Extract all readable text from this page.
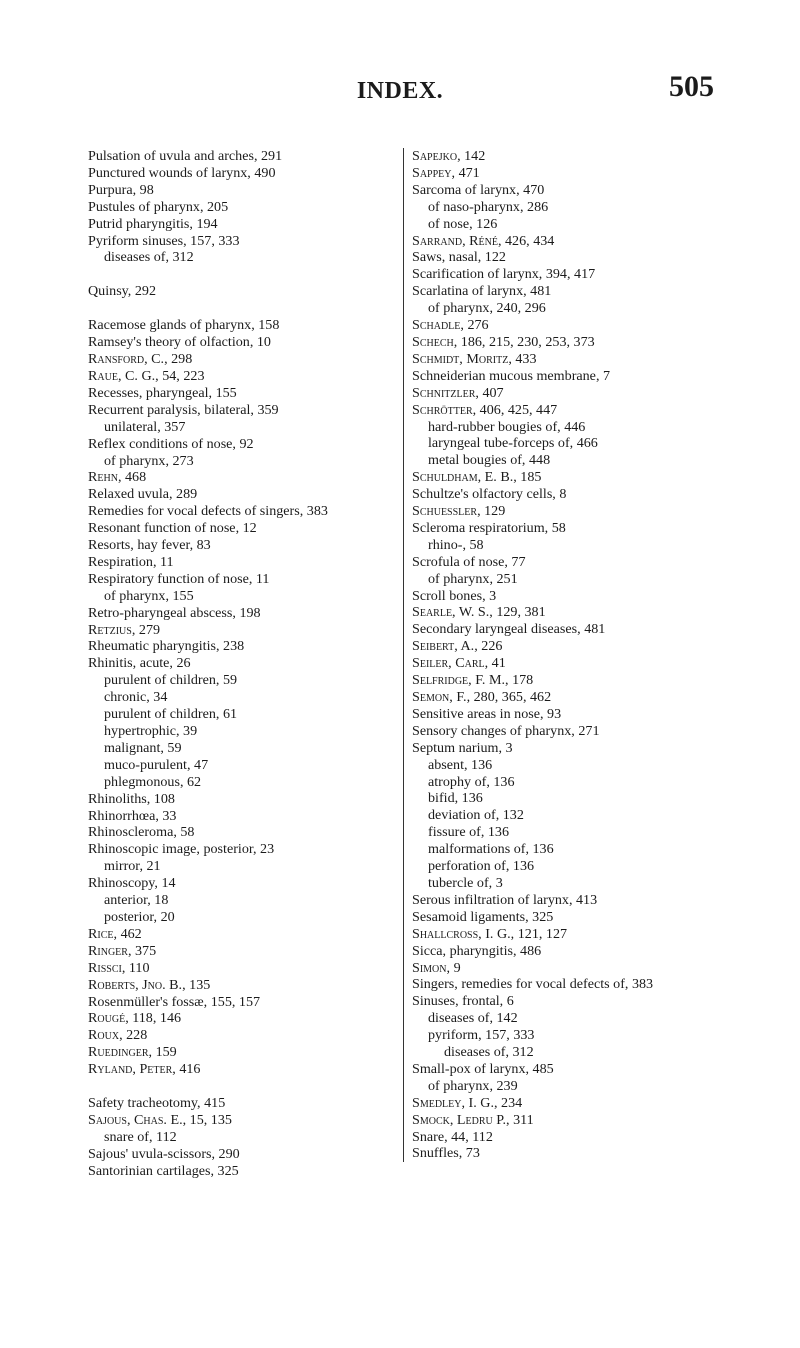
INDEX.	505
Pulsation of uvula and arches, 291
Punctured wounds of larynx, 490
Purpura, 98
Pustules of pharynx, 205
Putrid pharyngitis, 194
Pyriform sinuses, 157, 333
diseases of, 312
Quinsy, 292
Racemose glands of pharynx, 158
Ramsey's theory of olfaction, 10
Ransford, C., 298
Raue, C. G., 54, 223
Recesses, pharyngeal, 155
Recurrent paralysis, bilateral, 359
unilateral, 357
Reflex conditions of nose, 92
of pharynx, 273
Rehn, 468
Relaxed uvula, 289
Remedies for vocal defects of singers, 383
Resonant function of nose, 12
Resorts, hay fever, 83
Respiration, 11
Respiratory function of nose, 11
of pharynx, 155
Retro-pharyngeal abscess, 198
Retzius, 279
Rheumatic pharyngitis, 238
Rhinitis, acute, 26
purulent of children, 59
chronic, 34
purulent of children, 61
hypertrophic, 39
malignant, 59
muco-purulent, 47
phlegmonous, 62
Rhinoliths, 108
Rhinorrhœa, 33
Rhinoscleroma, 58
Rhinoscopic image, posterior, 23
mirror, 21
Rhinoscopy, 14
anterior, 18
posterior, 20
Rice, 462
Ringer, 375
Rissci, 110
Roberts, Jno. B., 135
Rosenmüller's fossæ, 155, 157
Rougé, 118, 146
Roux, 228
Ruedinger, 159
Ryland, Peter, 416
Safety tracheotomy, 415
Sajous, Chas. E., 15, 135
snare of, 112
Sajous' uvula-scissors, 290
Santorinian cartilages, 325
Sapejko, 142
Sappey, 471
Sarcoma of larynx, 470
of naso-pharynx, 286
of nose, 126
Sarrand, Réné, 426, 434
Saws, nasal, 122
Scarification of larynx, 394, 417
Scarlatina of larynx, 481
of pharynx, 240, 296
Schadle, 276
Schech, 186, 215, 230, 253, 373
Schmidt, Moritz, 433
Schneiderian mucous membrane, 7
Schnitzler, 407
Schrötter, 406, 425, 447
hard-rubber bougies of, 446
laryngeal tube-forceps of, 466
metal bougies of, 448
Schuldham, E. B., 185
Schultze's olfactory cells, 8
Schuessler, 129
Scleroma respiratorium, 58
rhino-, 58
Scrofula of nose, 77
of pharynx, 251
Scroll bones, 3
Searle, W. S., 129, 381
Secondary laryngeal diseases, 481
Seibert, A., 226
Seiler, Carl, 41
Selfridge, F. M., 178
Semon, F., 280, 365, 462
Sensitive areas in nose, 93
Sensory changes of pharynx, 271
Septum narium, 3
absent, 136
atrophy of, 136
bifid, 136
deviation of, 132
fissure of, 136
malformations of, 136
perforation of, 136
tubercle of, 3
Serous infiltration of larynx, 413
Sesamoid ligaments, 325
Shallcross, I. G., 121, 127
Sicca, pharyngitis, 486
Simon, 9
Singers, remedies for vocal defects of, 383
Sinuses, frontal, 6
diseases of, 142
pyriform, 157, 333
diseases of, 312
Small-pox of larynx, 485
of pharynx, 239
Smedley, I. G., 234
Smock, Ledru P., 311
Snare, 44, 112
Snuffles, 73
